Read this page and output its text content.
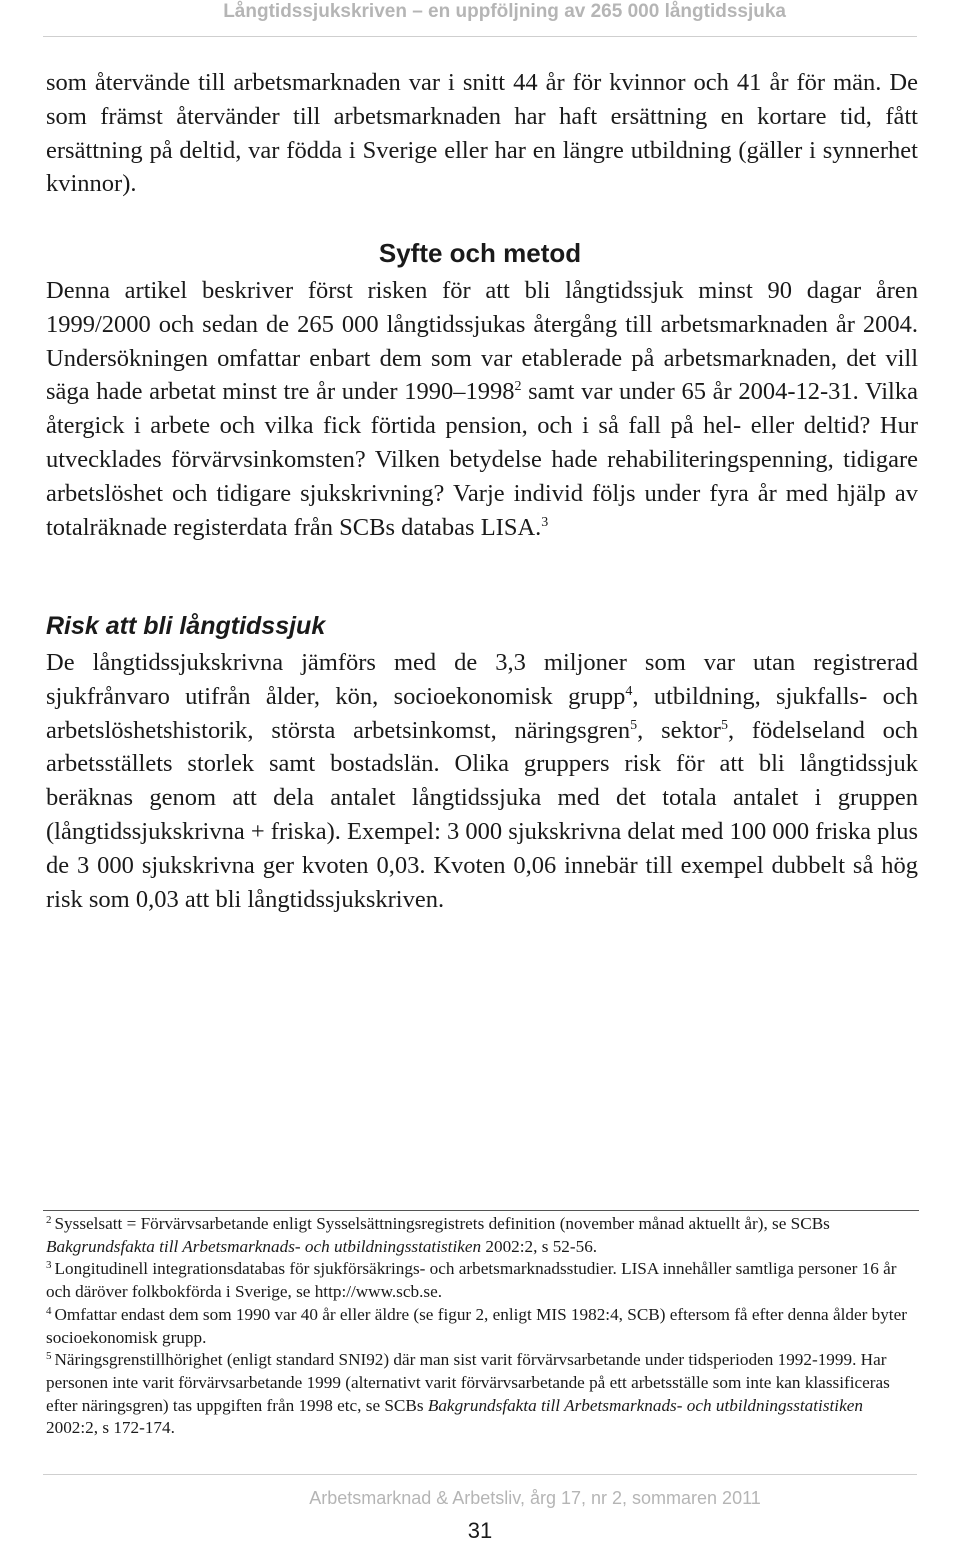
Långtidssjukskriven – en uppföljning av 265 000 långtidssjuka

som återvände till arbetsmarknaden var i snitt 44 år för kvinnor och 41 år för män. De som främst återvänder till arbetsmarknaden har haft ersättning en kortare tid, fått ersättning på deltid, var födda i Sverige eller har en längre utbildning (gäller i synnerhet kvinnor).

Syfte och metod

Denna artikel beskriver först risken för att bli långtidssjuk minst 90 dagar åren 1999/2000 och sedan de 265 000 långtidssjukas återgång till arbetsmarknaden år 2004. Undersökningen omfattar enbart dem som var etablerade på arbetsmarknaden, det vill säga hade arbetat minst tre år under 1990–1998$^2$ samt var under 65 år 2004-12-31. Vilka återgick i arbete och vilka fick förtida pension, och i så fall på hel- eller deltid? Hur utvecklades förvärvsinkomsten? Vilken betydelse hade rehabiliteringspenning, tidigare arbetslöshet och tidigare sjukskrivning? Varje individ följs under fyra år med hjälp av totalräknade registerdata från SCBs databas LISA.$^3$

Risk att bli långtidssjuk

De långtidssjukskrivna jämförs med de 3,3 miljoner som var utan registrerad sjukfrånvaro utifrån ålder, kön, socioekonomisk grupp$^4$, utbildning, sjukfalls- och arbetslöshetshistorik, största arbetsinkomst, näringsgren$^5$, sektor$^5$, födelseland och arbetsställets storlek samt bostadslän. Olika gruppers risk för att bli långtidssjuk beräknas genom att dela antalet långtidssjuka med det totala antalet i gruppen (långtidssjukskrivna + friska). Exempel: 3 000 sjukskrivna delat med 100 000 friska plus de 3 000 sjukskrivna ger kvoten 0,03. Kvoten 0,06 innebär till exempel dubbelt så hög risk som 0,03 att bli långtidssjukskriven.

$^2$ Sysselsatt = Förvärvsarbetande enligt Sysselsättningsregistrets definition (november månad aktuellt år), se SCBs Bakgrundsfakta till Arbetsmarknads- och utbildningsstatistiken 2002:2, s 52-56.

$^3$ Longitudinell integrationsdatabas för sjukförsäkrings- och arbetsmarknadsstudier. LISA innehåller samtliga personer 16 år och däröver folkbokförda i Sverige, se http://www.scb.se.

$^4$ Omfattar endast dem som 1990 var 40 år eller äldre (se figur 2, enligt MIS 1982:4, SCB) eftersom få efter denna ålder byter socioekonomisk grupp.

$^5$ Näringsgrenstillhörighet (enligt standard SNI92) där man sist varit förvärvsarbetande under tidsperioden 1992-1999. Har personen inte varit förvärvsarbetande 1999 (alternativt varit förvärvsarbetande på ett arbetsställe som inte kan klassificeras efter näringsgren) tas uppgiften från 1998 etc, se SCBs Bakgrundsfakta till Arbetsmarknads- och utbildningsstatistiken 2002:2, s 172-174.

Arbetsmarknad & Arbetsliv, årg 17, nr 2, sommaren 2011
31
